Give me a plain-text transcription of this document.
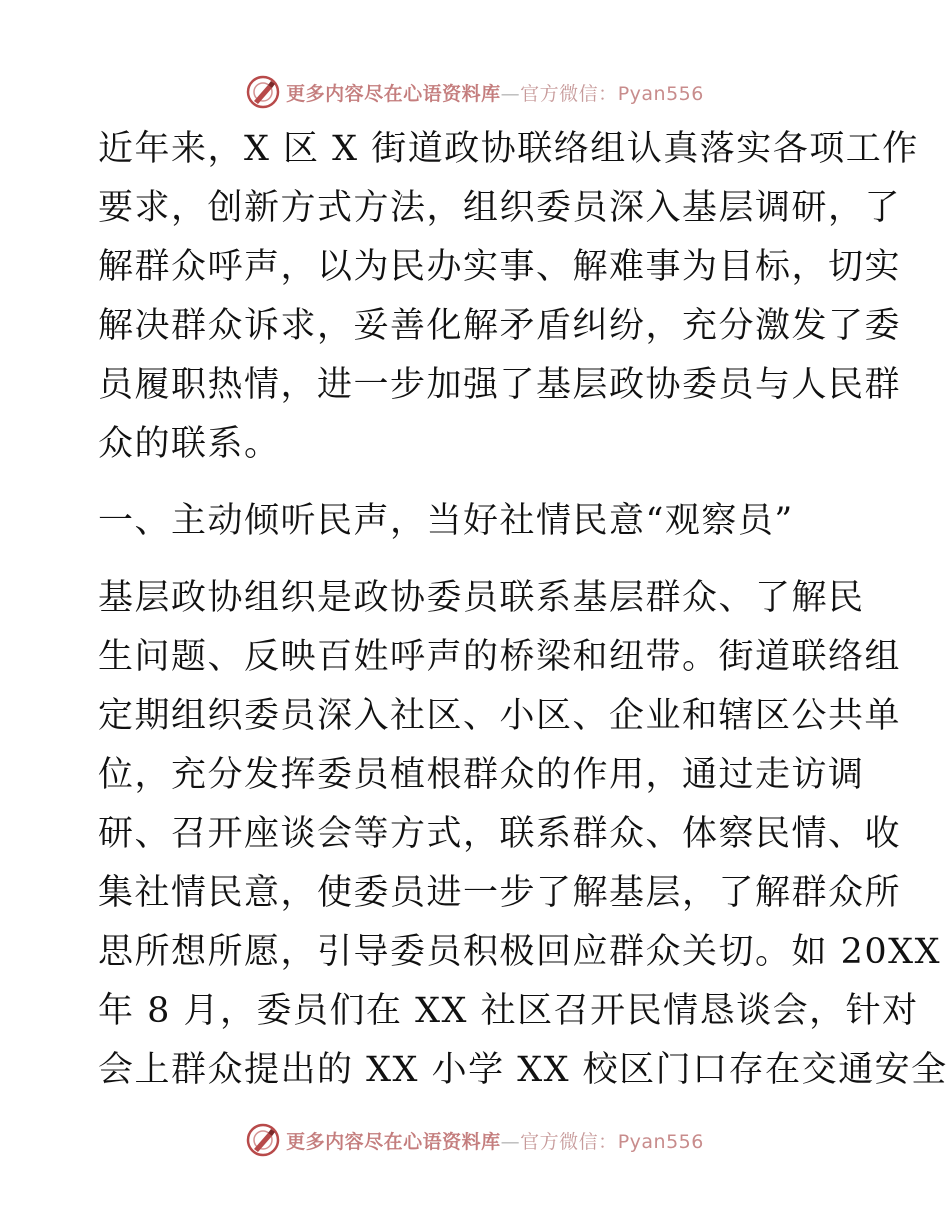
更多内容尽在心语资料库—官方微信：Pyan556

近年来，X 区 X 街道政协联络组认真落实各项工作
要求，创新方式方法，组织委员深入基层调研，了
解群众呼声，以为民办实事、解难事为目标，切实
解决群众诉求，妥善化解矛盾纠纷，充分激发了委
员履职热情，进一步加强了基层政协委员与人民群
众的联系。

一、主动倾听民声，当好社情民意“观察员”

基层政协组织是政协委员联系基层群众、了解民
生问题、反映百姓呼声的桥梁和纽带。街道联络组
定期组织委员深入社区、小区、企业和辖区公共单
位，充分发挥委员植根群众的作用，通过走访调
研、召开座谈会等方式，联系群众、体察民情、收
集社情民意，使委员进一步了解基层，了解群众所
思所想所愿，引导委员积极回应群众关切。如 20XX
年 8 月，委员们在 XX 社区召开民情恳谈会，针对
会上群众提出的 XX 小学 XX 校区门口存在交通安全

更多内容尽在心语资料库—官方微信：Pyan556
